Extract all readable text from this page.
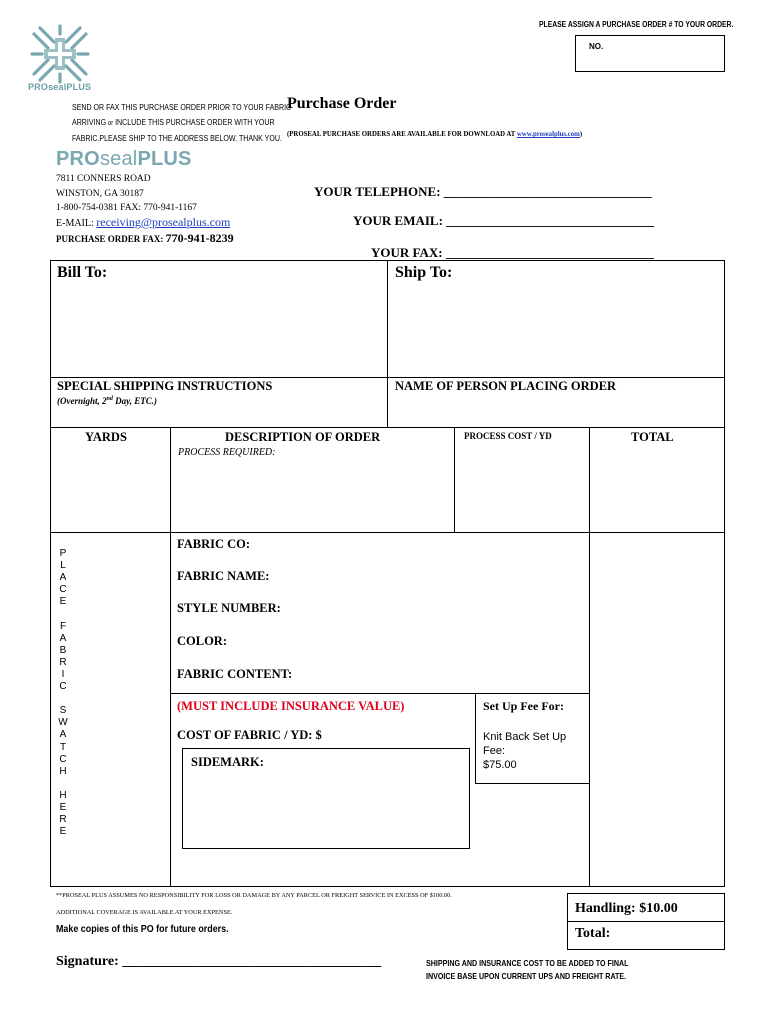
PLEASE ASSIGN A PURCHASE ORDER # TO YOUR ORDER.
NO.
PROsealPLUS
SEND OR FAX THIS PURCHASE ORDER PRIOR TO YOUR FABRIC
ARRIVING or INCLUDE THIS PURCHASE ORDER WITH YOUR
FABRIC.PLEASE SHIP TO THE ADDRESS BELOW. THANK YOU.
Purchase Order
(PROSEAL PURCHASE ORDERS ARE AVAILABLE FOR DOWNLOAD AT www.prosealplus.com)
PROsealPLUS
7811 CONNERS ROAD
WINSTON, GA 30187
1-800-754-0381 FAX: 770-941-1167
E-MAIL: receiving@prosealplus.com
PURCHASE ORDER FAX: 770-941-8239
YOUR TELEPHONE: ________________________________
YOUR EMAIL: ________________________________
YOUR FAX: ________________________________
Bill To:	Ship To:
SPECIAL SHIPPING INSTRUCTIONS
(Overnight, 2nd Day, ETC.)
NAME OF PERSON PLACING ORDER
YARDS	DESCRIPTION OF ORDER
PROCESS REQUIRED:
PROCESS COST / YD	TOTAL
P
L
A
C
E

F
A
B
R
I
C

S
W
A
T
C
H

H
E
R
E
FABRIC CO:
FABRIC NAME:
STYLE NUMBER:
COLOR:
FABRIC CONTENT:
(MUST INCLUDE INSURANCE VALUE)
COST OF FABRIC / YD: $
SIDEMARK:
Set Up Fee For:
Knit Back Set Up
Fee:
$75.00
**PROSEAL PLUS ASSUMES NO RESPONSIBILITY FOR LOSS OR DAMAGE BY ANY PARCEL OR FREIGHT SERVICE IN EXCESS OF $100.00.
ADDITIONAL COVERAGE IS AVAILABLE AT YOUR EXPENSE.
Make copies of this PO for future orders.
Handling: $10.00
Total:
Signature: _____________________________________	SHIPPING AND INSURANCE COST TO BE ADDED TO FINAL
INVOICE BASE UPON CURRENT UPS AND FREIGHT RATE.
